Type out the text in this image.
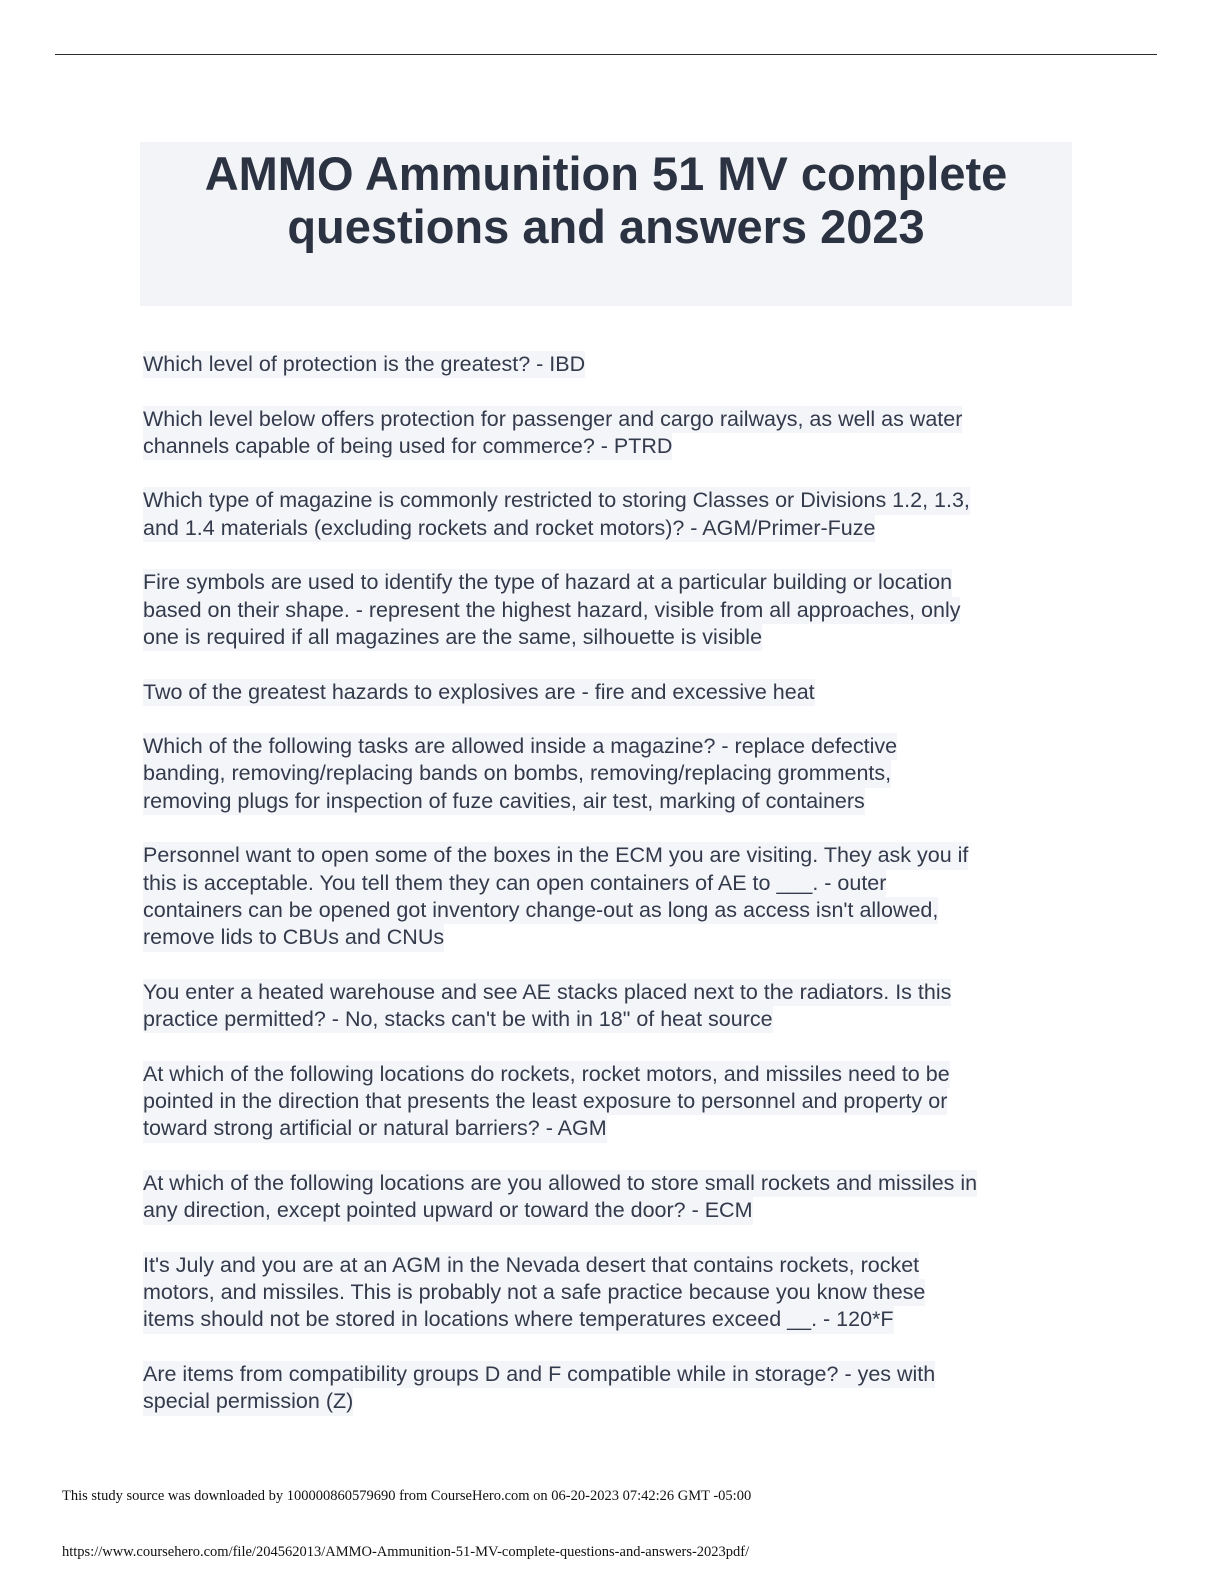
AMMO Ammunition 51 MV complete
questions and answers 2023

Which level of protection is the greatest? - IBD

Which level below offers protection for passenger and cargo railways, as well as water
channels capable of being used for commerce? - PTRD

Which type of magazine is commonly restricted to storing Classes or Divisions 1.2, 1.3,
and 1.4 materials (excluding rockets and rocket motors)? - AGM/Primer-Fuze

Fire symbols are used to identify the type of hazard at a particular building or location
based on their shape. - represent the highest hazard, visible from all approaches, only
one is required if all magazines are the same, silhouette is visible

Two of the greatest hazards to explosives are - fire and excessive heat

Which of the following tasks are allowed inside a magazine? - replace defective
banding, removing/replacing bands on bombs, removing/replacing gromments,
removing plugs for inspection of fuze cavities, air test, marking of containers

Personnel want to open some of the boxes in the ECM you are visiting. They ask you if
this is acceptable. You tell them they can open containers of AE to ___. - outer
containers can be opened got inventory change-out as long as access isn't allowed,
remove lids to CBUs and CNUs

You enter a heated warehouse and see AE stacks placed next to the radiators. Is this
practice permitted? - No, stacks can't be with in 18" of heat source

At which of the following locations do rockets, rocket motors, and missiles need to be
pointed in the direction that presents the least exposure to personnel and property or
toward strong artificial or natural barriers? - AGM

At which of the following locations are you allowed to store small rockets and missiles in
any direction, except pointed upward or toward the door? - ECM

It's July and you are at an AGM in the Nevada desert that contains rockets, rocket
motors, and missiles. This is probably not a safe practice because you know these
items should not be stored in locations where temperatures exceed __. - 120*F

Are items from compatibility groups D and F compatible while in storage? - yes with
special permission (Z)

This study source was downloaded by 100000860579690 from CourseHero.com on 06-20-2023 07:42:26 GMT -05:00
https://www.coursehero.com/file/204562013/AMMO-Ammunition-51-MV-complete-questions-and-answers-2023pdf/
